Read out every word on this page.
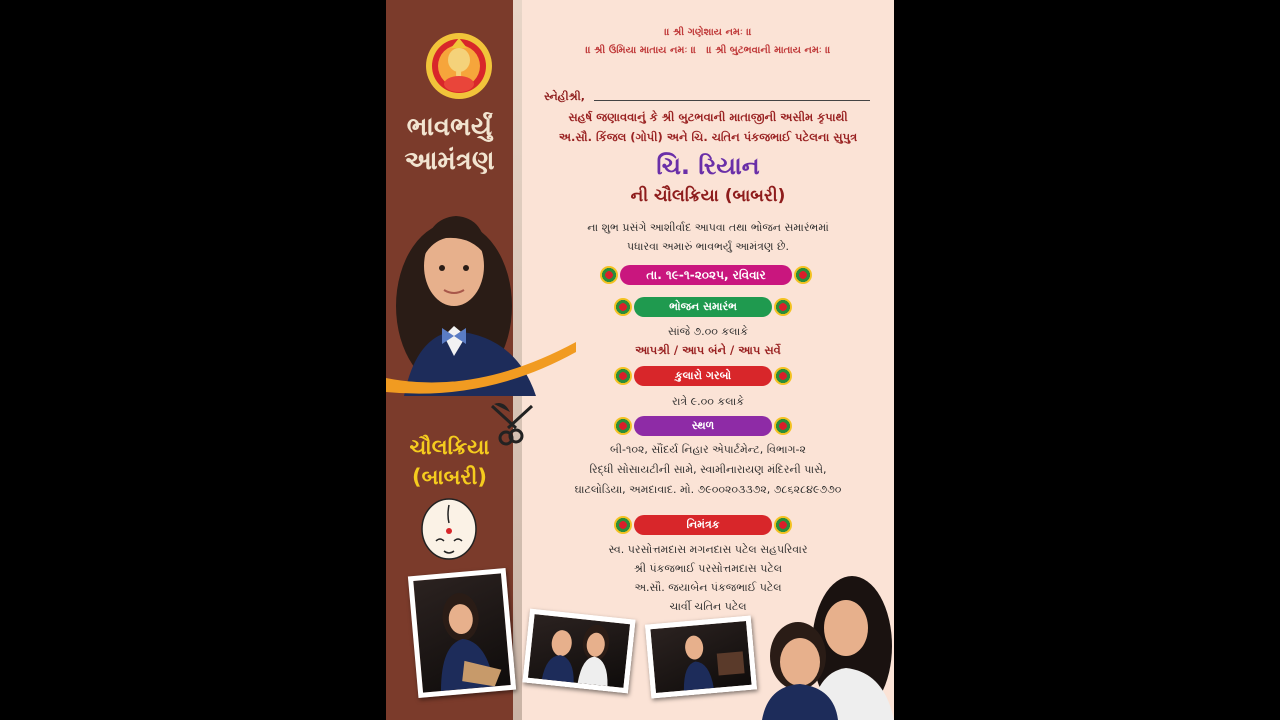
ભાવભર્યું
આમંત્રણ
ચૌલક્રિયા
(બાબરી)
॥ શ્રી ગણેશાય નમઃ ॥
॥ શ્રી ઉમિયા માતાય નમઃ ॥   ॥ શ્રી બુટભવાની માતાય નમઃ ॥
સ્નેહીશ્રી,
સહર્ષ જણાવવાનું કે શ્રી બુટભવાની માતાજીની અસીમ કૃપાથી
અ.સૌ. કિંજલ (ગોપી) અને ચિ. ચતિન પંકજભાઈ પટેલના સુપુત્ર
ચિ. રિયાન
ની ચૌલક્રિયા (બાબરી)
ના શુભ પ્રસંગે આશીર્વાદ આપવા તથા ભોજન સમારંભમાં
પધારવા અમારું ભાવભર્યું આમંત્રણ છે.
તા. ૧૯-૧-૨૦૨૫, રવિવાર
ભોજન સમારંભ
સાંજે ૭.૦૦ કલાકે
આપશ્રી / આપ બંને / આપ સર્વે
કુલારો ગરબો
રાત્રે ૯.૦૦ કલાકે
સ્થળ
બી-૧૦૨, સૌંદર્ય નિહાર એપાર્ટમેન્ટ, વિભાગ-૨
રિદ્ધી સોસાયટીની સામે, સ્વામીનારાયણ મંદિરની પાસે,
ઘાટલોડિયા, અમદાવાદ. મો. ૭૯૦૦૨૦૩૩૭૨, ૭૮૬૨૮૪૯૭૭૦
નિમંત્રક
સ્વ. પરસોત્તમદાસ મગનદાસ પટેલ સહપરિવાર
શ્રી પંકજભાઈ પરસોત્તમદાસ પટેલ
અ.સૌ. જયાબેન પંકજભાઈ પટેલ
ચાર્વી ચતિન પટેલ
